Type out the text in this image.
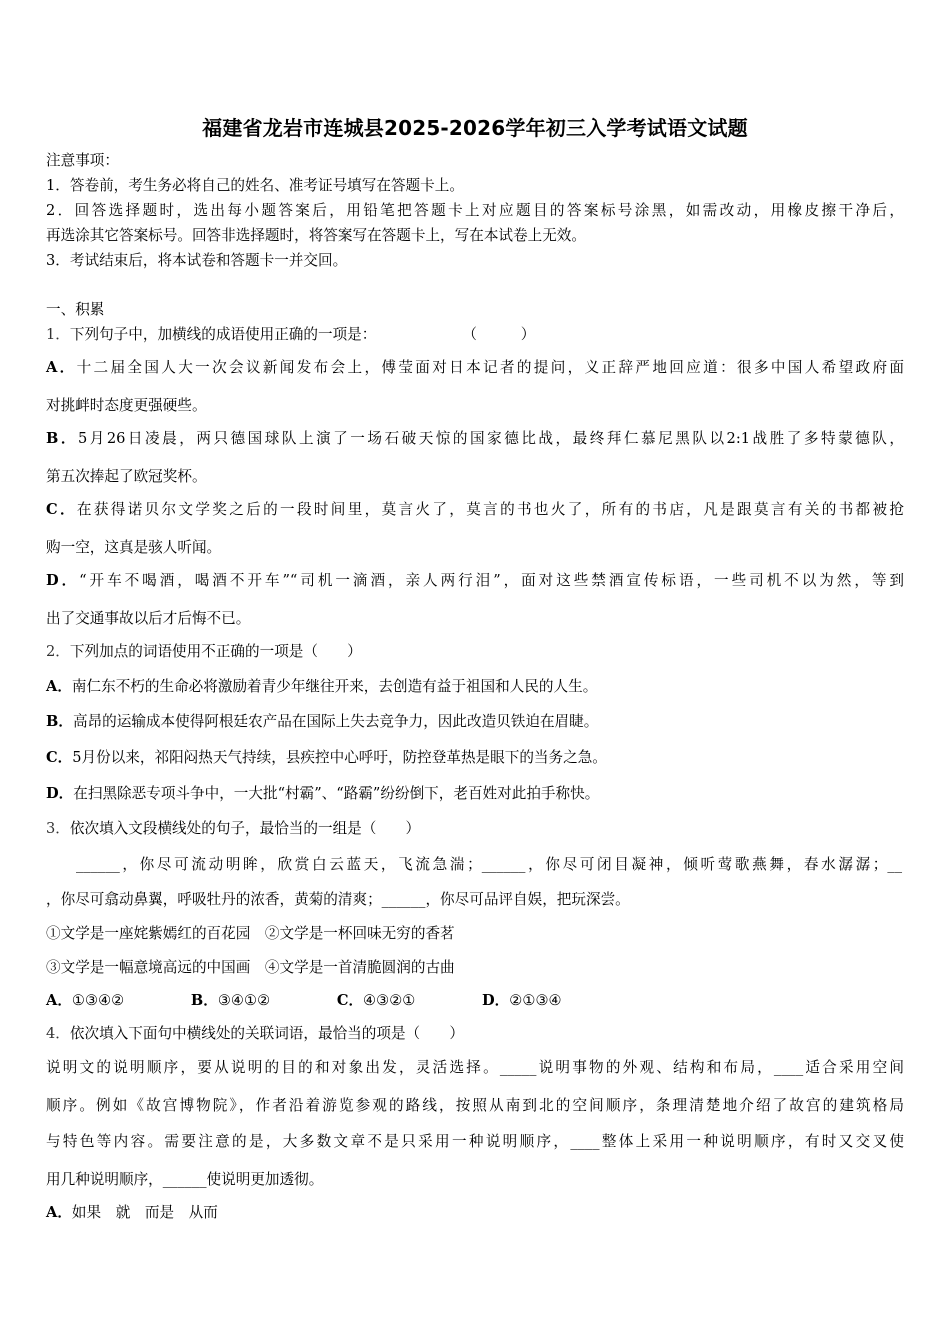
福建省龙岩市连城县2025-2026学年初三入学考试语文试题
注意事项：
1．答卷前，考生务必将自己的姓名、准考证号填写在答题卡上。
2．回答选择题时，选出每小题答案后，用铅笔把答题卡上对应题目的答案标号涂黑，如需改动，用橡皮擦干净后，
再选涂其它答案标号。回答非选择题时，将答案写在答题卡上，写在本试卷上无效。
3．考试结束后，将本试卷和答题卡一并交回。
一、积累
1．下列句子中，加横线的成语使用正确的一项是：	（　　　）
A．十二届全国人大一次会议新闻发布会上，傅莹面对日本记者的提问，义正辞严地回应道：很多中国人希望政府面
对挑衅时态度更强硬些。
B．5月26日凌晨，两只德国球队上演了一场石破天惊的国家德比战，最终拜仁慕尼黑队以2:1战胜了多特蒙德队，
第五次捧起了欧冠奖杯。
C．在获得诺贝尔文学奖之后的一段时间里，莫言火了，莫言的书也火了，所有的书店，凡是跟莫言有关的书都被抢
购一空，这真是骇人听闻。
D．“开车不喝酒，喝酒不开车”“司机一滴酒，亲人两行泪”，面对这些禁酒宣传标语，一些司机不以为然，等到
出了交通事故以后才后悔不已。
2．下列加点的词语使用不正确的一项是（　　）
A．南仁东不朽的生命必将激励着青少年继往开来，去创造有益于祖国和人民的人生。
B．高昂的运输成本使得阿根廷农产品在国际上失去竞争力，因此改造贝铁迫在眉睫。
C．5月份以来，祁阳闷热天气持续，县疾控中心呼吁，防控登革热是眼下的当务之急。
D．在扫黑除恶专项斗争中，一大批“村霸”、“路霸”纷纷倒下，老百姓对此拍手称快。
3．依次填入文段横线处的句子，最恰当的一组是（　　）
______，你尽可流动明眸，欣赏白云蓝天，飞流急湍；______，你尽可闭目凝神，倾听莺歌燕舞，春水潺潺；__
，你尽可翕动鼻翼，呼吸牡丹的浓香，黄菊的清爽；______，你尽可品评自娱，把玩深尝。
①文学是一座姹紫嫣红的百花园　②文学是一杯回味无穷的香茗
③文学是一幅意境高远的中国画　④文学是一首清脆圆润的古曲
A．①③④②	B．③④①②	C．④③②①	D．②①③④
4．依次填入下面句中横线处的关联词语，最恰当的项是（　　）
说明文的说明顺序，要从说明的目的和对象出发，灵活选择。_____说明事物的外观、结构和布局，____适合采用空间
顺序。例如《故宫博物院》，作者沿着游览参观的路线，按照从南到北的空间顺序，条理清楚地介绍了故宫的建筑格局
与特色等内容。需要注意的是，大多数文章不是只采用一种说明顺序，____整体上采用一种说明顺序，有时又交叉使
用几种说明顺序，______使说明更加透彻。
A．如果　就　而是　从而
